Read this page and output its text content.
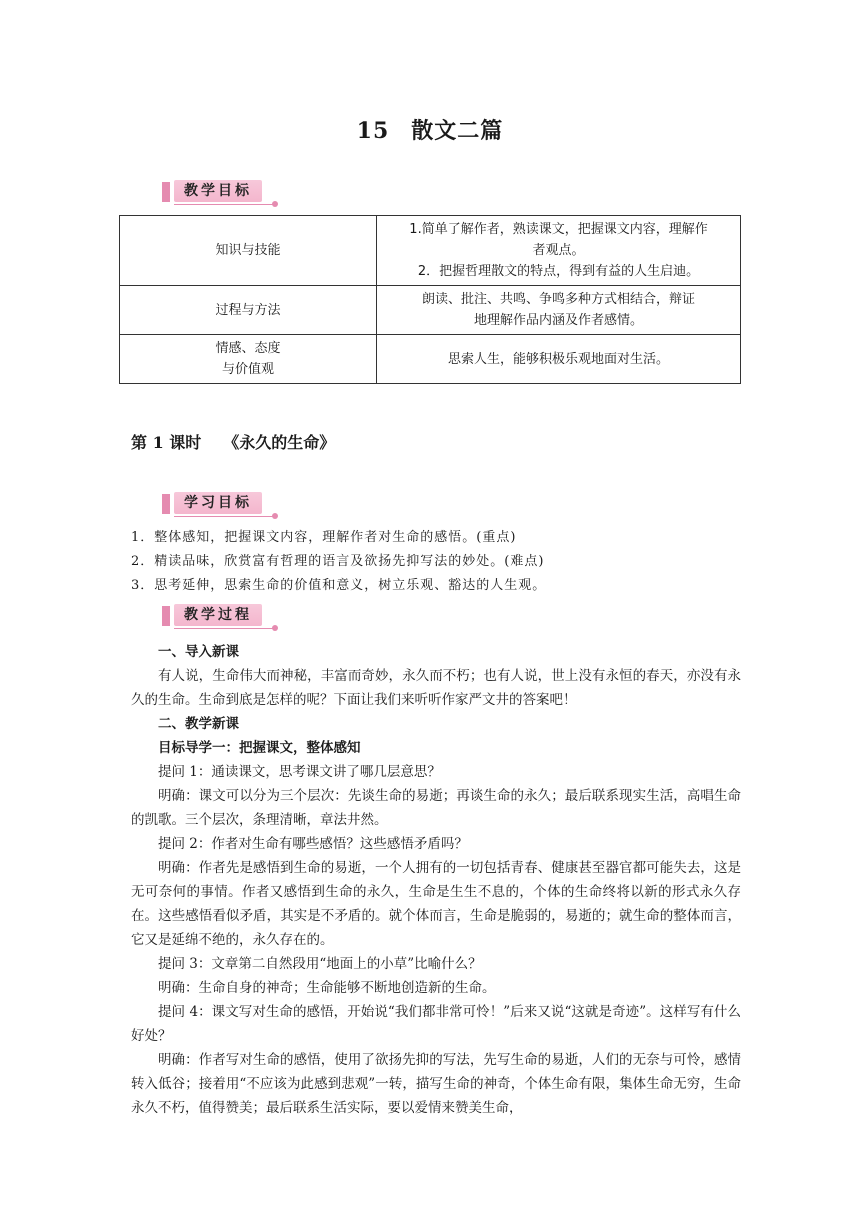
15 散文二篇
教学目标
知识与技能	1.简单了解作者，熟读课文，把握课文内容，理解作
者观点。
2．把握哲理散文的特点，得到有益的人生启迪。

过程与方法	朗读、批注、共鸣、争鸣多种方式相结合，辩证
地理解作品内涵及作者感情。

情感、态度
与价值观	思索人生，能够积极乐观地面对生活。
第 1 课时 《永久的生命》
学习目标
1．整体感知，把握课文内容，理解作者对生命的感悟。(重点)
2．精读品味，欣赏富有哲理的语言及欲扬先抑写法的妙处。(难点)
3．思考延伸，思索生命的价值和意义，树立乐观、豁达的人生观。
教学过程

一、导入新课

有人说，生命伟大而神秘，丰富而奇妙，永久而不朽；也有人说，世上没有永恒的春天，亦没有永久的生命。生命到底是怎样的呢？下面让我们来听听作家严文井的答案吧！

二、教学新课

目标导学一：把握课文，整体感知

提问 1：通读课文，思考课文讲了哪几层意思？

明确：课文可以分为三个层次：先谈生命的易逝；再谈生命的永久；最后联系现实生活，高唱生命的凯歌。三个层次，条理清晰，章法井然。

提问 2：作者对生命有哪些感悟？这些感悟矛盾吗？

明确：作者先是感悟到生命的易逝，一个人拥有的一切包括青春、健康甚至器官都可能失去，这是无可奈何的事情。作者又感悟到生命的永久，生命是生生不息的，个体的生命终将以新的形式永久存在。这些感悟看似矛盾，其实是不矛盾的。就个体而言，生命是脆弱的，易逝的；就生命的整体而言，它又是延绵不绝的，永久存在的。

提问 3：文章第二自然段用“地面上的小草”比喻什么？

明确：生命自身的神奇；生命能够不断地创造新的生命。

提问 4：课文写对生命的感悟，开始说“我们都非常可怜！”后来又说“这就是奇迹”。这样写有什么好处？

明确：作者写对生命的感悟，使用了欲扬先抑的写法，先写生命的易逝，人们的无奈与可怜，感情转入低谷；接着用“不应该为此感到悲观”一转，描写生命的神奇，个体生命有限，集体生命无穷，生命永久不朽，值得赞美；最后联系生活实际，要以爱情来赞美生命，
